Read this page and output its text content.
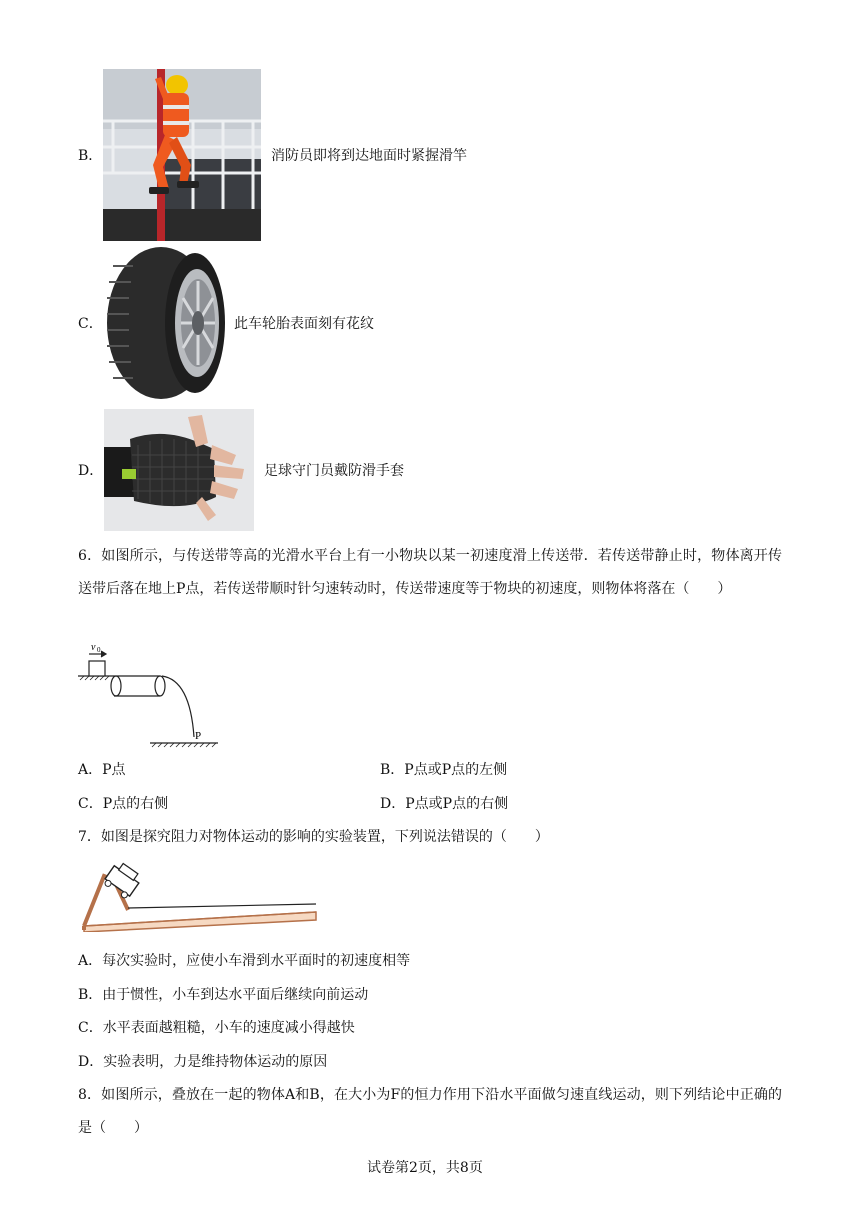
B．	消防员即将到达地面时紧握滑竿
C．	此车轮胎表面刻有花纹
D．	足球守门员戴防滑手套
6．如图所示，与传送带等高的光滑水平台上有一小物块以某一初速度滑上传送带．若传送带静止时，物体离开传送带后落在地上P点，若传送带顺时针匀速转动时，传送带速度等于物块的初速度，则物体将落在（　　）
v 0
P
A．P点	B．P点或P点的左侧
C．P点的右侧	D．P点或P点的右侧
7．如图是探究阻力对物体运动的影响的实验装置，下列说法错误的（　　）
A．每次实验时，应使小车滑到水平面时的初速度相等
B．由于惯性，小车到达水平面后继续向前运动
C．水平表面越粗糙，小车的速度减小得越快
D．实验表明，力是维持物体运动的原因
8．如图所示，叠放在一起的物体A和B，在大小为F的恒力作用下沿水平面做匀速直线运动，则下列结论中正确的是（　　）
试卷第2页，共8页
